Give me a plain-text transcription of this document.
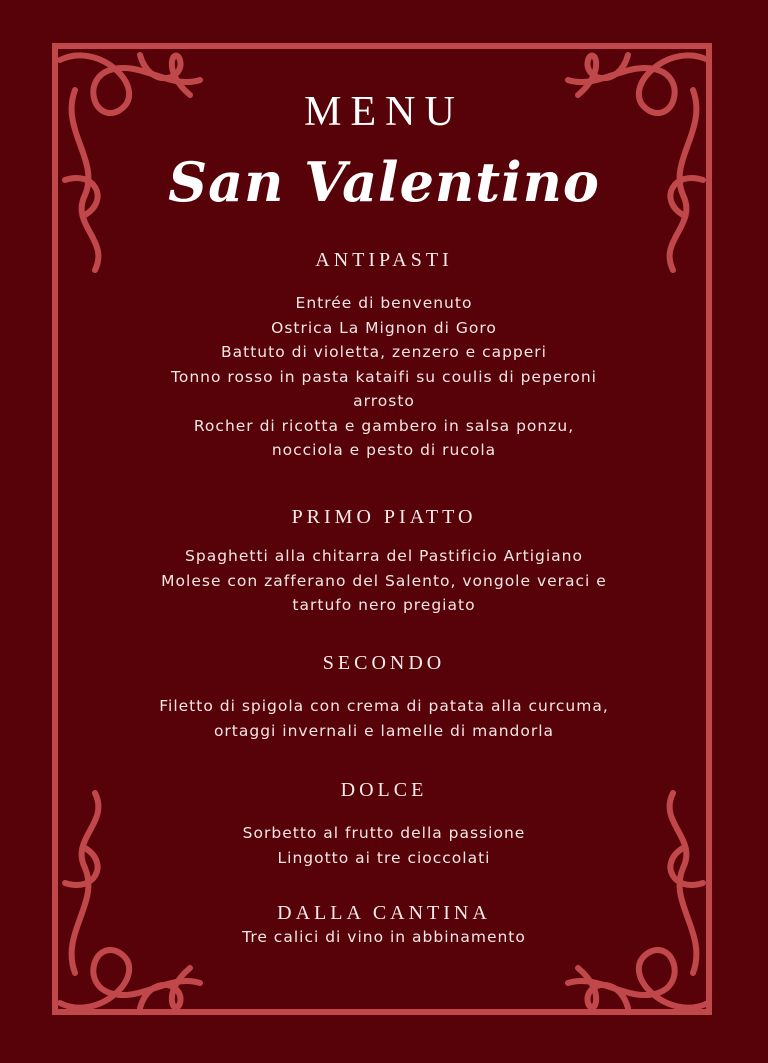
MENU
San Valentino
ANTIPASTI
Entrée di benvenuto
Ostrica La Mignon di Goro
Battuto di violetta, zenzero e capperi
Tonno rosso in pasta kataifi su coulis di peperoni
arrosto
Rocher di ricotta e gambero in salsa ponzu,
nocciola e pesto di rucola
PRIMO PIATTO
Spaghetti alla chitarra del Pastificio Artigiano
Molese con zafferano del Salento, vongole veraci e
tartufo nero pregiato
SECONDO
Filetto di spigola con crema di patata alla curcuma,
ortaggi invernali e lamelle di mandorla
DOLCE
Sorbetto al frutto della passione
Lingotto ai tre cioccolati
DALLA CANTINA
Tre calici di vino in abbinamento
